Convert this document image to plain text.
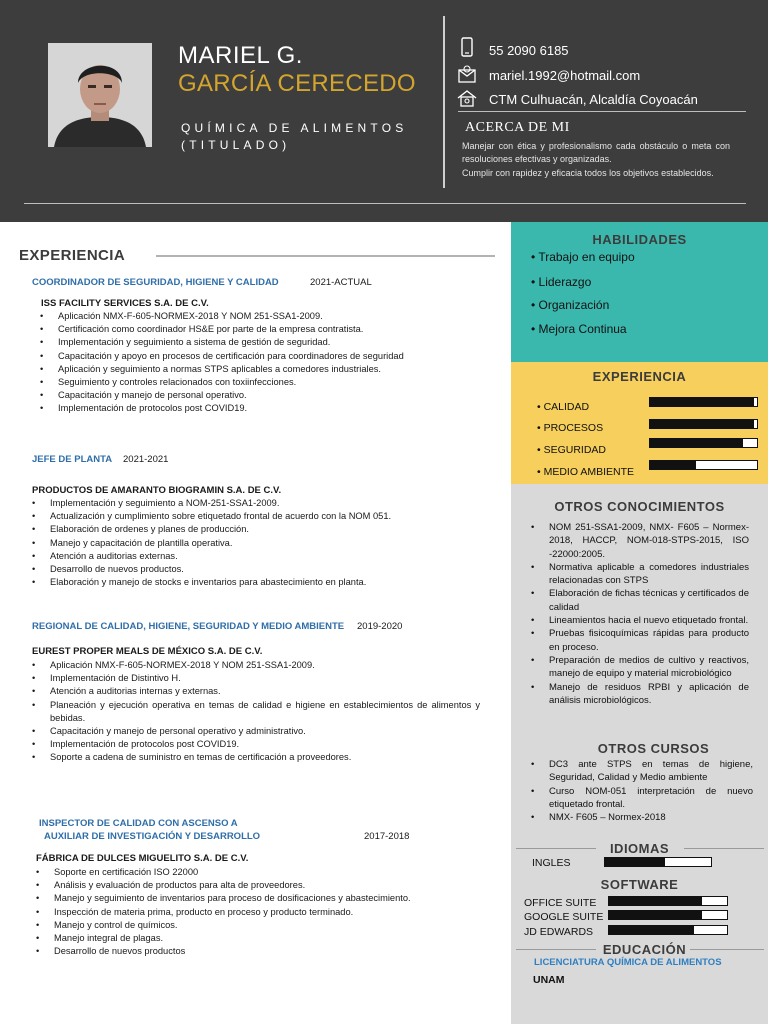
MARIEL G.
GARCÍA CERECEDO
QUÍMICA DE ALIMENTOS
(TITULADO)
55 2090 6185
mariel.1992@hotmail.com
CTM Culhuacán, Alcaldía Coyoacán
ACERCA DE MI

Manejar con ética y profesionalismo cada obstáculo o meta con resoluciones efectivas y organizadas.

Cumplir con rapidez y eficacia todos los objetivos establecidos.

EXPERIENCIA
COORDINADOR DE SEGURIDAD, HIGIENE Y CALIDAD	2021-ACTUAL
ISS FACILITY SERVICES S.A. DE C.V.
• Aplicación NMX-F-605-NORMEX-2018 Y NOM 251-SSA1-2009.
• Certificación como coordinador HS&E por parte de la empresa contratista.
• Implementación y seguimiento a sistema de gestión de seguridad.
• Capacitación y apoyo en procesos de certificación para coordinadores de seguridad
• Aplicación y seguimiento a normas STPS aplicables a comedores industriales.
• Seguimiento y controles relacionados con toxiinfecciones.
• Capacitación y manejo de personal operativo.
• Implementación de protocolos post COVID19.
JEFE DE PLANTA 2021-2021
PRODUCTOS DE AMARANTO BIOGRAMIN S.A. DE C.V.
• Implementación y seguimiento a NOM-251-SSA1-2009.
• Actualización y cumplimiento sobre etiquetado frontal de acuerdo con la NOM 051.
• Elaboración de ordenes y planes de producción.
• Manejo y capacitación de plantilla operativa.
• Atención a auditorias externas.
• Desarrollo de nuevos productos.
• Elaboración y manejo de stocks e inventarios para abastecimiento en planta.
REGIONAL DE CALIDAD, HIGIENE, SEGURIDAD Y MEDIO AMBIENTE 2019-2020
EUREST PROPER MEALS DE MÉXICO S.A. DE C.V.
• Aplicación NMX-F-605-NORMEX-2018 Y NOM 251-SSA1-2009.
• Implementación de Distintivo H.
• Atención a auditorias internas y externas.
• Planeación y ejecución operativa en temas de calidad e higiene en establecimientos de alimentos y bebidas.
• Capacitación y manejo de personal operativo y administrativo.
• Implementación de protocolos post COVID19.
• Soporte a cadena de suministro en temas de certificación a proveedores.
INSPECTOR DE CALIDAD CON ASCENSO A
AUXILIAR DE INVESTIGACIÓN Y DESARROLLO	2017-2018
FÁBRICA DE DULCES MIGUELITO S.A. DE C.V.
• Soporte en certificación ISO 22000
• Análisis y evaluación de productos para alta de proveedores.
• Manejo y seguimiento de inventarios para proceso de dosificaciones y abastecimiento.
• Inspección de materia prima, producto en proceso y producto terminado.
• Manejo y control de químicos.
• Manejo integral de plagas.
• Desarrollo de nuevos productos
HABILIDADES
• Trabajo en equipo
• Liderazgo
• Organización
• Mejora Continua
EXPERIENCIA
• CALIDAD
• PROCESOS
• SEGURIDAD
• MEDIO AMBIENTE
OTROS CONOCIMIENTOS
• NOM 251-SSA1-2009, NMX- F605 – Normex-2018, HACCP, NOM-018-STPS-2015, ISO -22000:2005.
• Normativa aplicable a comedores industriales relacionadas con STPS
• Elaboración de fichas técnicas y certificados de calidad
• Lineamientos hacia el nuevo etiquetado frontal.
• Pruebas fisicoquímicas rápidas para producto en proceso.
• Preparación de medios de cultivo y reactivos, manejo de equipo y material microbiológico
• Manejo de residuos RPBI y aplicación de análisis microbiológicos.
OTROS CURSOS
• DC3 ante STPS en temas de higiene, Seguridad, Calidad y Medio ambiente
• Curso NOM-051 interpretación de nuevo etiquetado frontal.
• NMX- F605 – Normex-2018
IDIOMAS
INGLES
SOFTWARE
OFFICE SUITE
GOOGLE SUITE
JD EDWARDS
EDUCACIÓN
LICENCIATURA QUÍMICA DE ALIMENTOS
UNAM
